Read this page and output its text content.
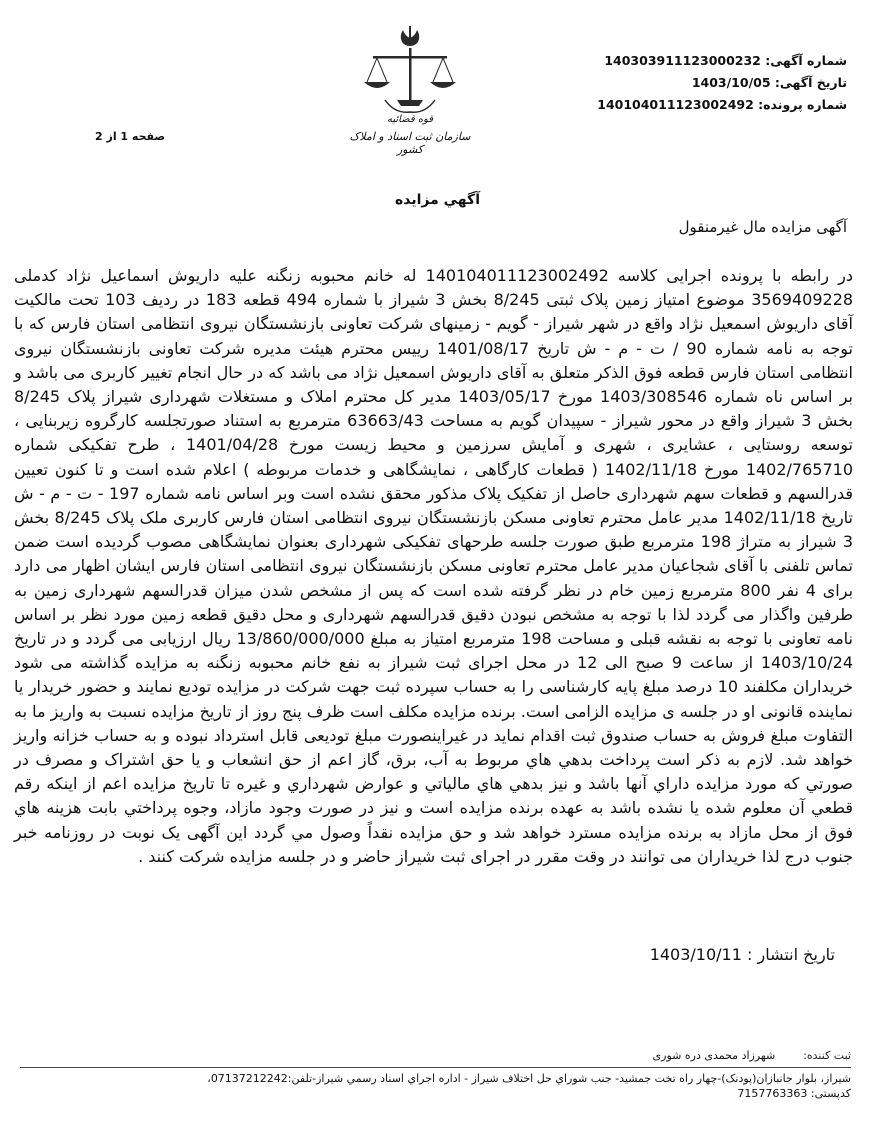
شماره آگهی: 140303911123000232
تاریخ آگهی: 1403/10/05
شماره پرونده: 140104011123002492
صفحه 1 از 2
قوه قضائیه
سازمان ثبت اسناد و املاک کشور
آگهي مزايده
آگهی مزایده مال غیرمنقول
در رابطه با پرونده اجرایی کلاسه 140104011123002492 له خانم محبوبه زنگنه علیه داریوش اسماعیل نژاد کدملی 3569409228 موضوع امتیاز زمین پلاک ثبتی 8/245 بخش 3 شیراز با شماره 494 قطعه 183 در ردیف 103 تحت مالکیت آقای داریوش اسمعیل نژاد واقع در شهر شیراز - گویم - زمینهای شرکت تعاونی بازنشستگان نیروی انتظامی استان فارس که با توجه به نامه شماره 90 / ت - م - ش تاریخ 1401/08/17 رییس محترم هیئت مدیره شرکت تعاونی بازنشستگان نیروی انتظامی استان فارس قطعه فوق الذکر متعلق به آقای داریوش اسمعیل نژاد می باشد که در حال انجام تغییر کاربری می باشد و بر اساس ناه شماره 1403/308546 مورخ 1403/05/17 مدیر کل محترم املاک و مستغلات شهرداری شیراز پلاک 8/245 بخش 3 شیراز واقع در محور شیراز - سپیدان گویم به مساحت 63663/43 مترمربع به استناد صورتجلسه کارگروه زیربنایی ، توسعه روستایی ، عشایری ، شهری و آمایش سرزمین و محیط زیست مورخ 1401/04/28 ، طرح تفکیکی شماره 1402/765710 مورخ 1402/11/18 ( قطعات کارگاهی ، نمایشگاهی و خدمات مربوطه ) اعلام شده است و تا کنون تعیین قدرالسهم و قطعات سهم شهرداری حاصل از تفکیک پلاک مذکور محقق نشده است وبر اساس نامه شماره 197 - ت - م - ش تاریخ 1402/11/18 مدیر عامل محترم تعاونی مسکن بازنشستگان نیروی انتظامی استان فارس کاربری ملک پلاک 8/245 بخش 3 شیراز به متراژ 198 مترمربع طبق صورت جلسه طرحهای تفکیکی شهرداری بعنوان نمایشگاهی مصوب گردیده است ضمن تماس تلفنی با آقای شجاعیان مدیر عامل محترم تعاونی مسکن بازنشستگان نیروی انتظامی استان فارس ایشان اظهار می دارد برای 4 نفر 800 مترمربع زمین خام در نظر گرفته شده است که پس از مشخص شدن میزان قدرالسهم شهرداری زمین به طرفین واگذار می گردد لذا با توجه به مشخص نبودن دقیق قدرالسهم شهرداری و محل دقیق قطعه زمین مورد نظر بر اساس نامه تعاونی با توجه به نقشه قبلی و مساحت 198 مترمربع امتیاز به مبلغ 13/860/000/000 ریال ارزیابی می گردد و در تاریخ 1403/10/24 از ساعت 9 صبح الی 12 در محل اجرای ثبت شیراز به نفع خانم محبوبه زنگنه به مزایده گذاشته می شود خریداران مکلفند 10 درصد مبلغ پایه کارشناسی را به حساب سپرده ثبت جهت شرکت در مزایده تودیع نمایند و حضور خریدار یا نماینده قانونی او در جلسه ی مزایده الزامی است. برنده مزایده مکلف است ظرف پنج روز از تاریخ مزایده نسبت به واریز ما به التفاوت مبلغ فروش به حساب صندوق ثبت اقدام نماید در غیراینصورت مبلغ تودیعی قابل استرداد نبوده و به حساب خزانه واریز خواهد شد. لازم به ذکر است پرداخت بدهي هاي مربوط به آب، برق، گاز اعم از حق انشعاب و یا حق اشتراک و مصرف در صورتي که مورد مزایده داراي آنها باشد و نیز بدهي هاي مالیاتي و عوارض شهرداري و غیره تا تاریخ مزایده اعم از اینکه رقم قطعي آن معلوم شده یا نشده باشد به عهده برنده مزایده است و نیز در صورت وجود مازاد، وجوه پرداختي بابت هزینه هاي فوق از محل مازاد به برنده مزایده مسترد خواهد شد و حق مزایده نقداً وصول مي گردد این آگهی یک نوبت در روزنامه خبر جنوب درج لذا خریداران می توانند در وقت مقرر در اجرای ثبت شیراز حاضر و در جلسه مزایده شرکت کنند .
تاریخ انتشار : 1403/10/11
ثبت کننده:        شهرزاد محمدی دره شوری
شیراز، بلوار جانبازان(پودنک)-چهار راه تخت جمشید- جنب شوراي حل اختلاف شیراز - اداره اجراي اسناد رسمي شیراز-تلفن:07137212242،
کدپستی: 7157763363
